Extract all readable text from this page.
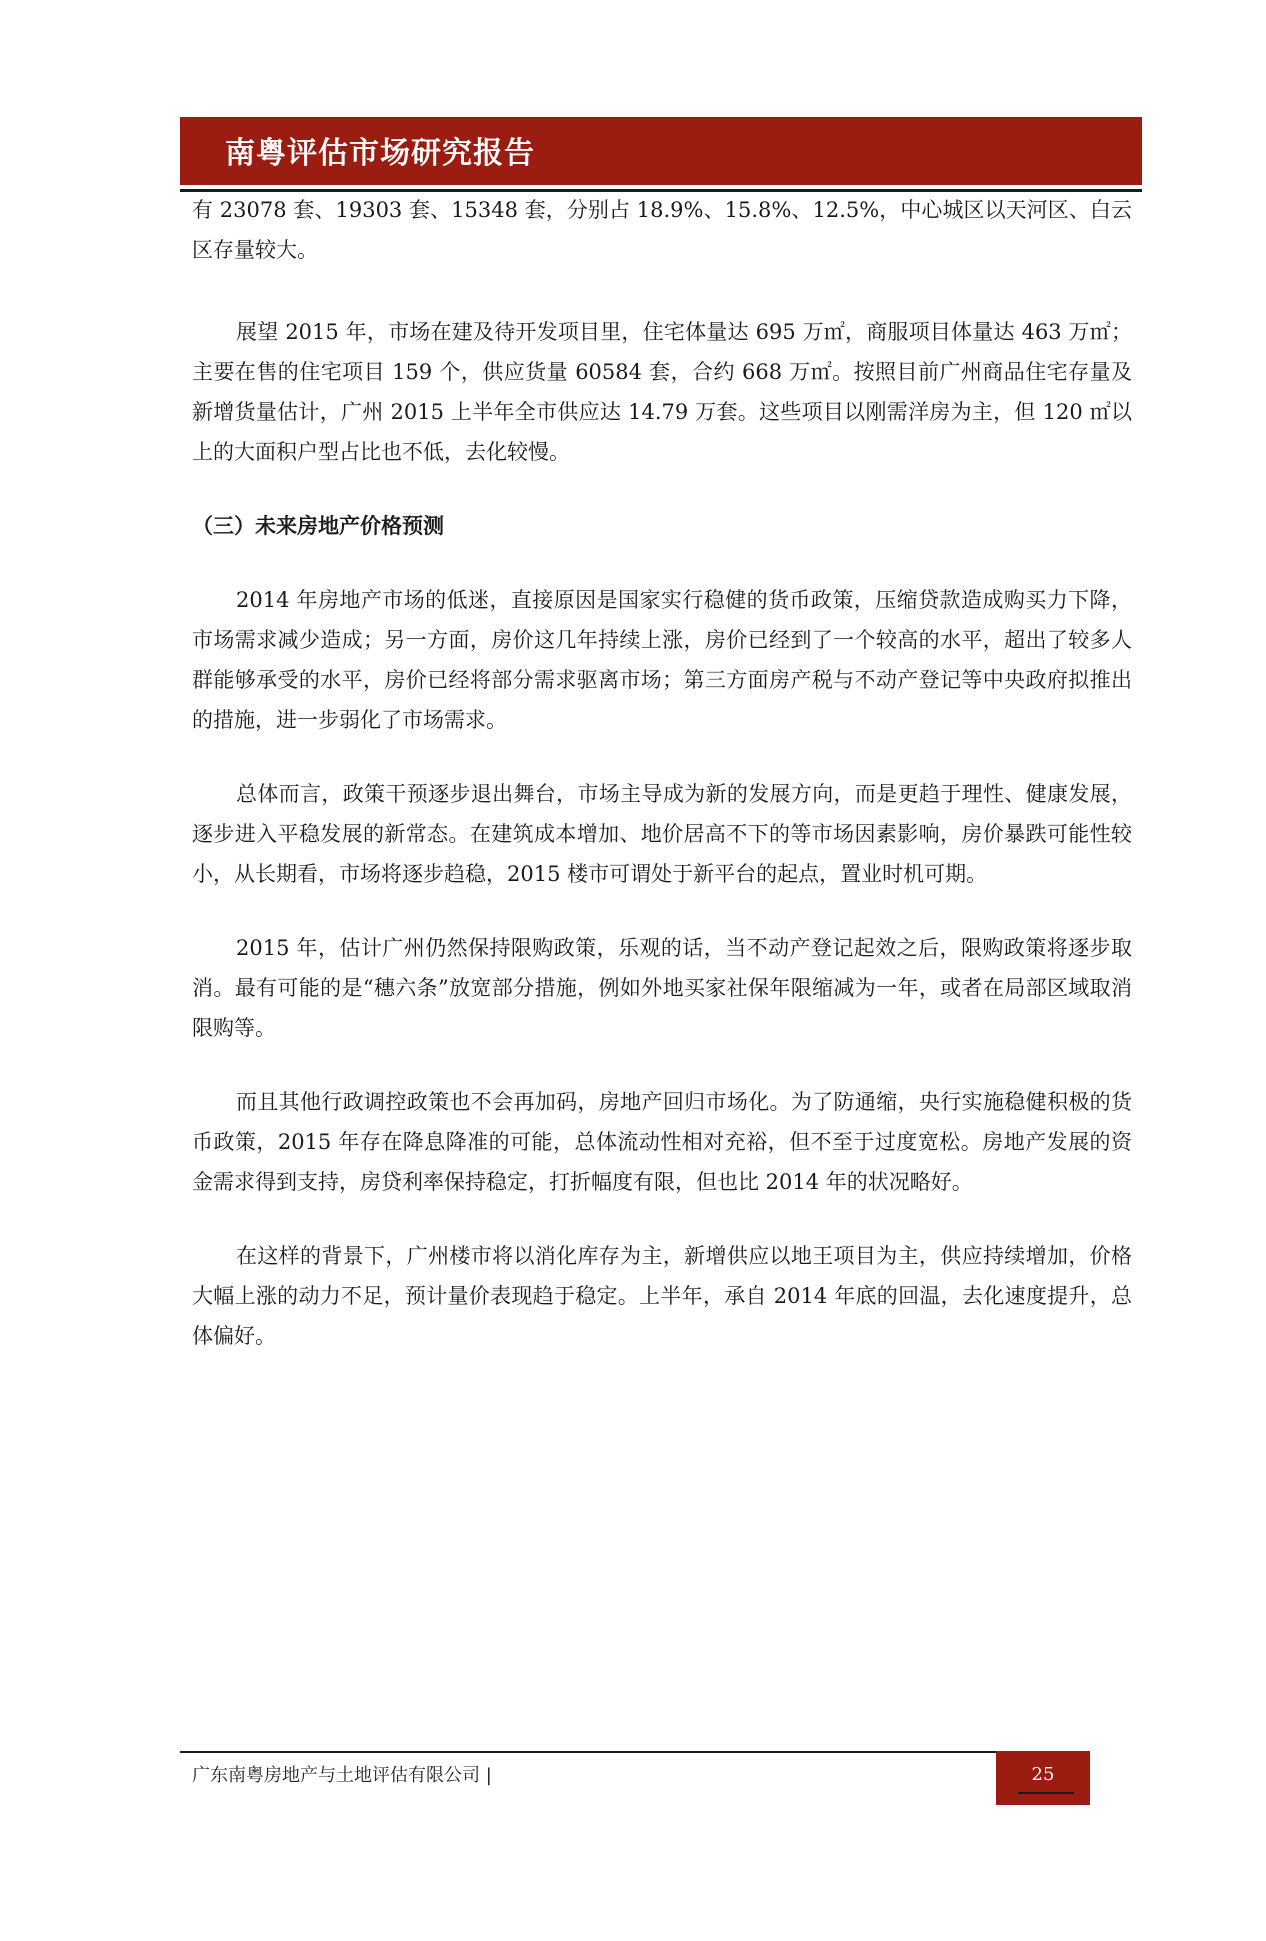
南粤评估市场研究报告

有 23078 套、19303 套、15348 套，分别占 18.9%、15.8%、12.5%，中心城区以天河区、白云区存量较大。

展望 2015 年，市场在建及待开发项目里，住宅体量达 695 万㎡，商服项目体量达 463 万㎡；主要在售的住宅项目 159 个，供应货量 60584 套，合约 668 万㎡。按照目前广州商品住宅存量及新增货量估计，广州 2015 上半年全市供应达 14.79 万套。这些项目以刚需洋房为主，但 120 ㎡以上的大面积户型占比也不低，去化较慢。

（三）未来房地产价格预测

2014 年房地产市场的低迷，直接原因是国家实行稳健的货币政策，压缩贷款造成购买力下降，市场需求减少造成；另一方面，房价这几年持续上涨，房价已经到了一个较高的水平，超出了较多人群能够承受的水平，房价已经将部分需求驱离市场；第三方面房产税与不动产登记等中央政府拟推出的措施，进一步弱化了市场需求。

总体而言，政策干预逐步退出舞台，市场主导成为新的发展方向，而是更趋于理性、健康发展，逐步进入平稳发展的新常态。在建筑成本增加、地价居高不下的等市场因素影响，房价暴跌可能性较小，从长期看，市场将逐步趋稳，2015 楼市可谓处于新平台的起点，置业时机可期。

2015 年，估计广州仍然保持限购政策，乐观的话，当不动产登记起效之后，限购政策将逐步取消。最有可能的是“穗六条”放宽部分措施，例如外地买家社保年限缩减为一年，或者在局部区域取消限购等。

而且其他行政调控政策也不会再加码，房地产回归市场化。为了防通缩，央行实施稳健积极的货币政策，2015 年存在降息降准的可能，总体流动性相对充裕，但不至于过度宽松。房地产发展的资金需求得到支持，房贷利率保持稳定，打折幅度有限，但也比 2014 年的状况略好。

在这样的背景下，广州楼市将以消化库存为主，新增供应以地王项目为主，供应持续增加，价格大幅上涨的动力不足，预计量价表现趋于稳定。上半年，承自 2014 年底的回温，去化速度提升，总体偏好。

广东南粤房地产与土地评估有限公司 |	25
